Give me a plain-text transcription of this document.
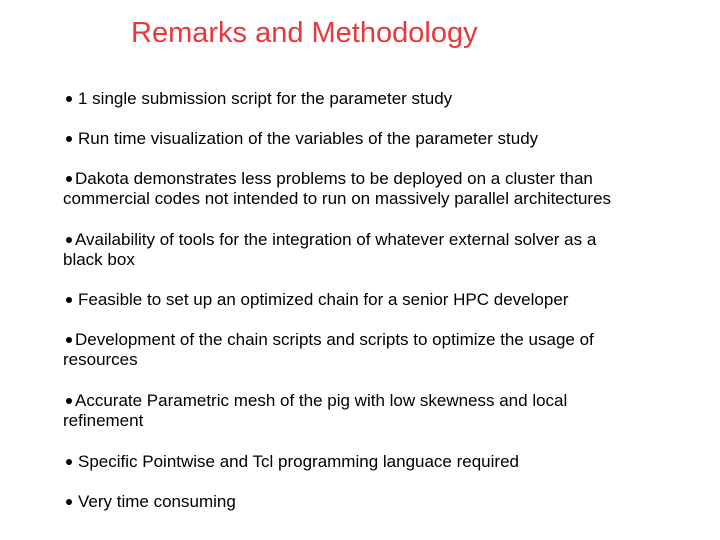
Remarks and Methodology
1 single submission script for the parameter study
Run time visualization of the variables of the parameter study
Dakota demonstrates less problems to be deployed on a cluster than
commercial codes not intended to run on massively parallel architectures
Availability of tools for the integration of whatever external solver as a
black box
Feasible to set up an optimized chain for a senior HPC developer
Development of the chain scripts and scripts to optimize the usage of
resources
Accurate Parametric mesh of the pig with low skewness and local
refinement
Specific Pointwise and Tcl programming languace required
Very time consuming
